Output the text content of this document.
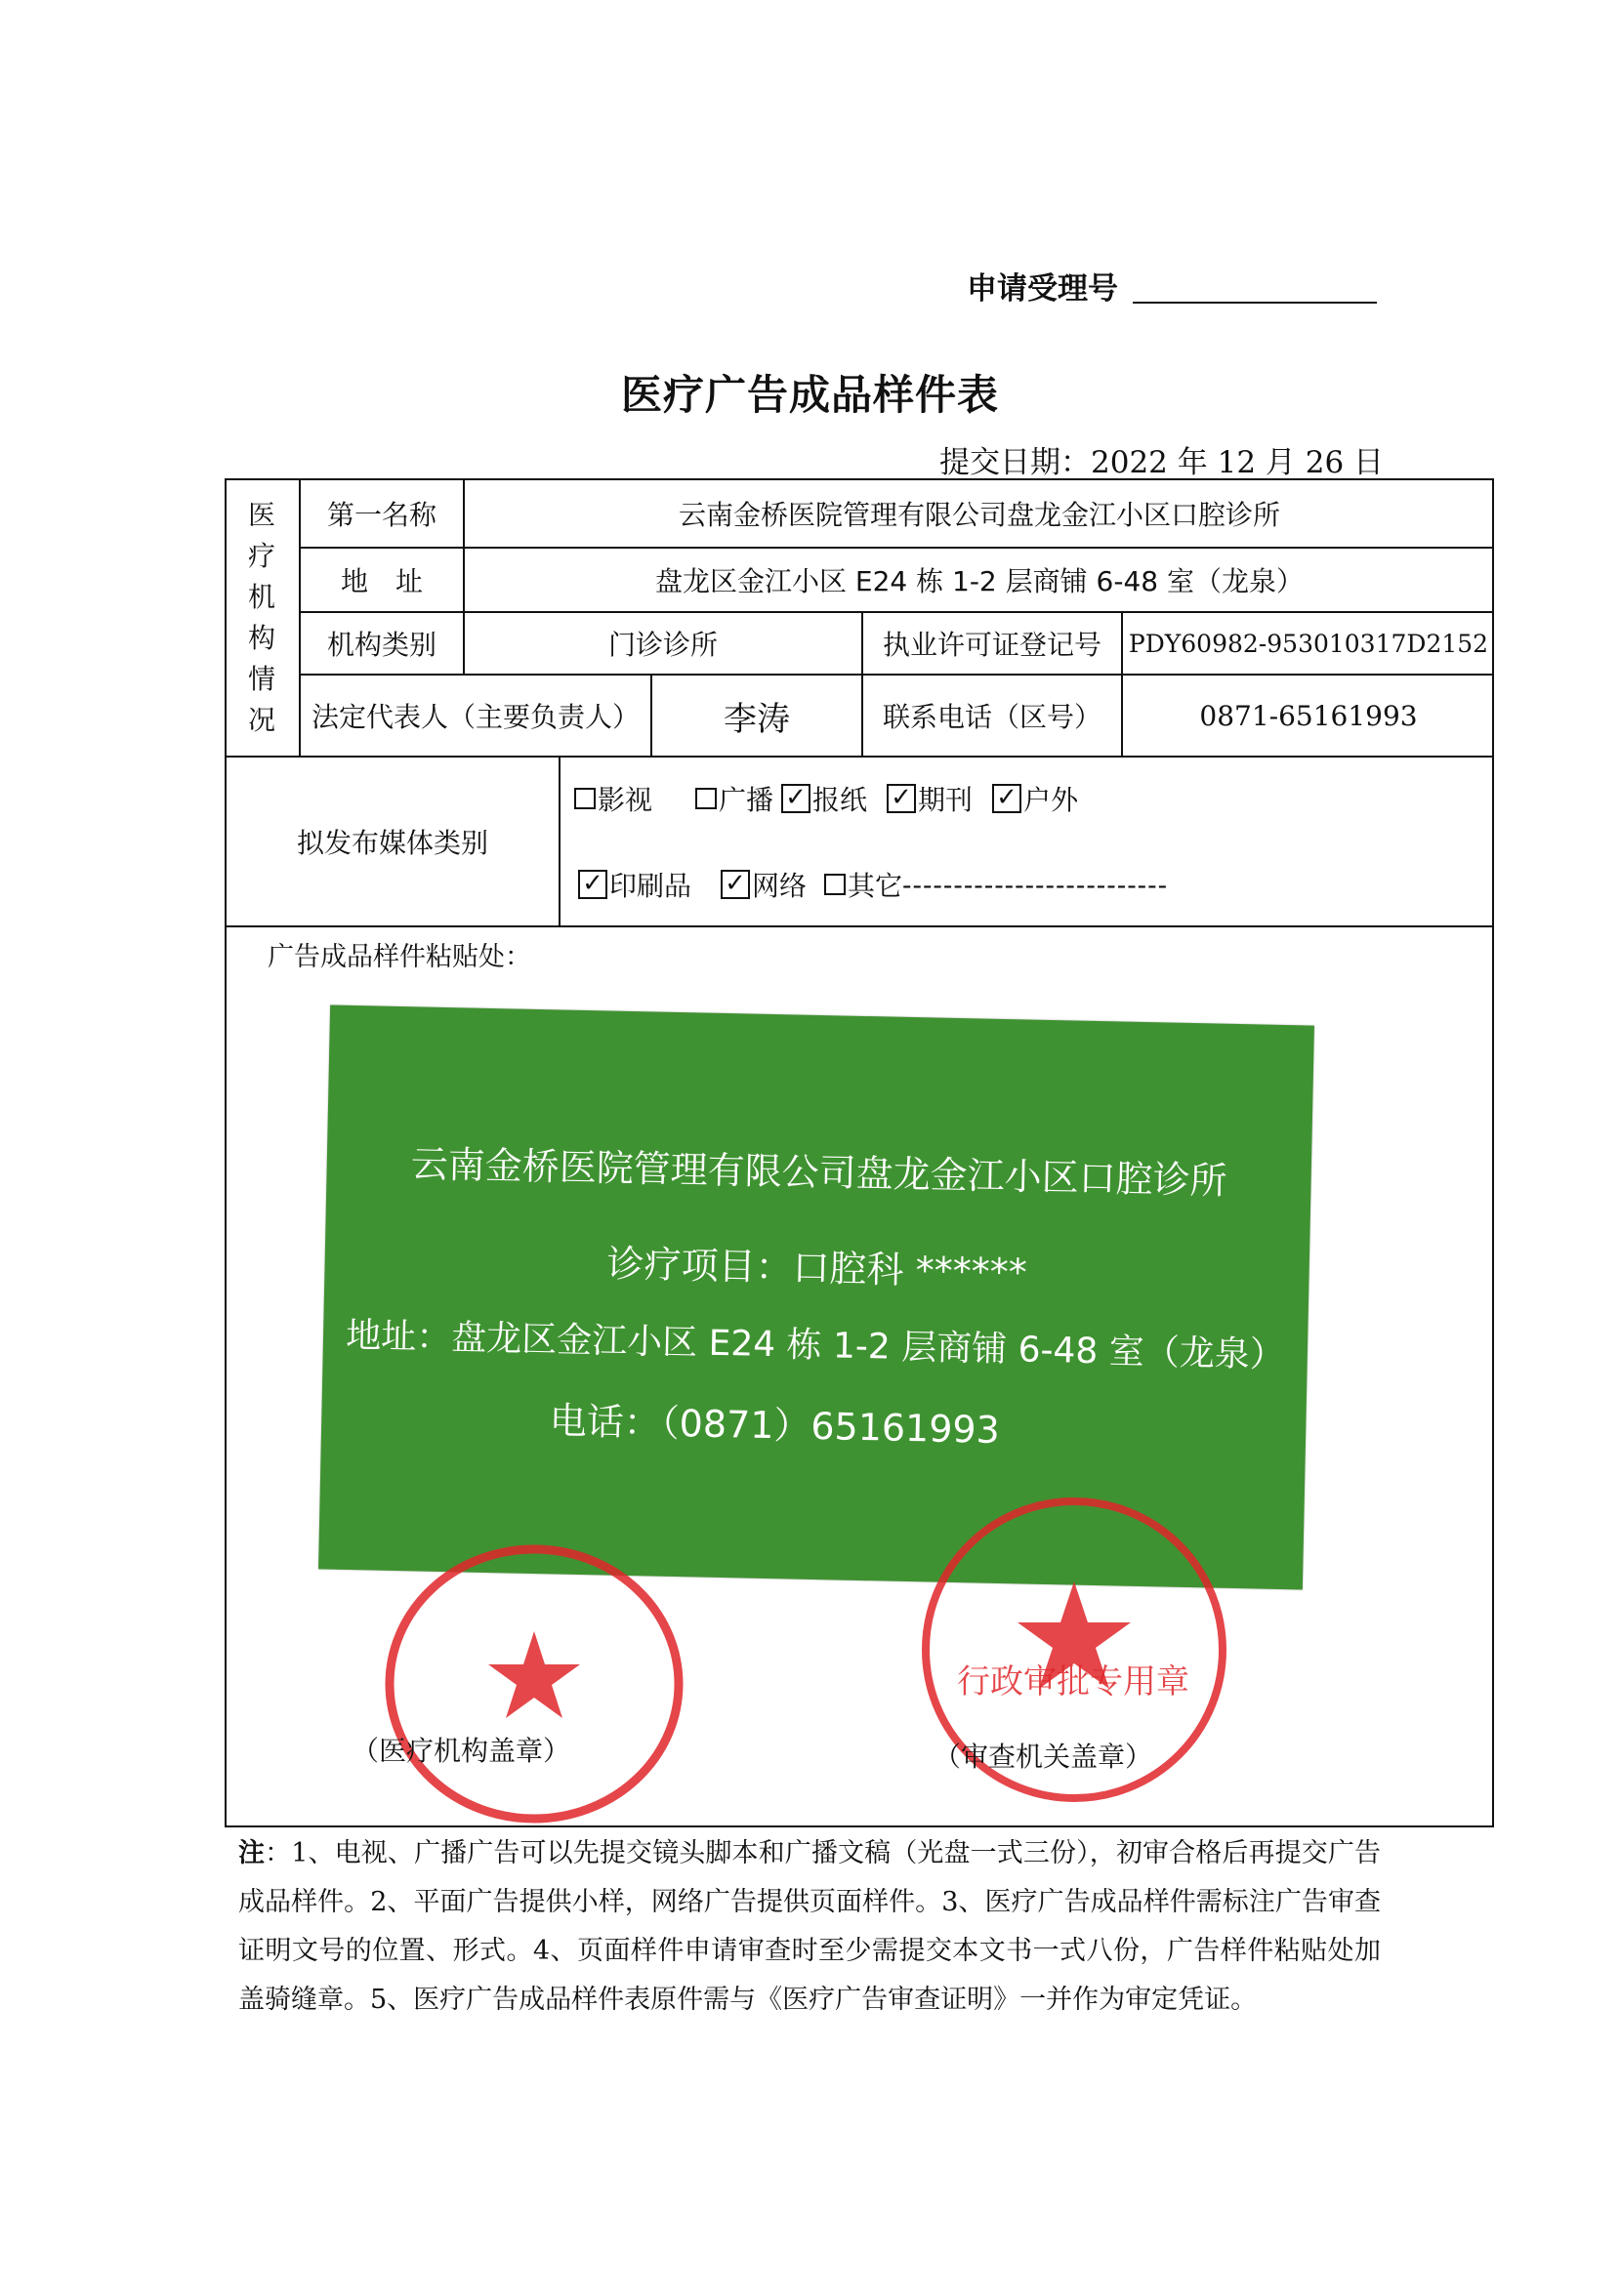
申请受理号
医疗广告成品样件表
提交日期：2022 年 12 月 26 日
医
疗
机
构
情
况
第一名称	云南金桥医院管理有限公司盘龙金江小区口腔诊所
地　址	盘龙区金江小区 E24 栋 1-2 层商铺 6-48 室（龙泉）
机构类别	门诊诊所	执业许可证登记号	PDY60982-953010317D2152
法定代表人（主要负责人）	李涛	联系电话（区号）	0871-65161993
拟发布媒体类别
影视 广播 ✓ 报纸 ✓ 期刊 ✓ 户外
✓ 印刷品 ✓ 网络 其它 --------------------------
广告成品样件粘贴处：
云南金桥医院管理有限公司盘龙金江小区口腔诊所
诊疗项目：口腔科 ******
地址：盘龙区金江小区 E24 栋 1-2 层商铺 6-48 室（龙泉）
电话：（0871）65161993
行政审批专用章
（医疗机构盖章）	（审查机关盖章）
注：1、电视、广播广告可以先提交镜头脚本和广播文稿（光盘一式三份），初审合格后再提交广告成品样件。2、平面广告提供小样，网络广告提供页面样件。3、医疗广告成品样件需标注广告审查证明文号的位置、形式。4、页面样件申请审查时至少需提交本文书一式八份，广告样件粘贴处加盖骑缝章。5、医疗广告成品样件表原件需与《医疗广告审查证明》一并作为审定凭证。
